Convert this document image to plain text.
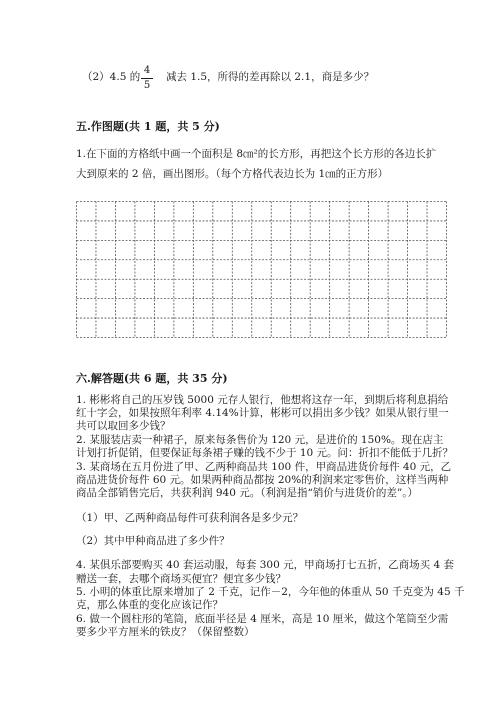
（2）4.5 的
4
5
减去 1.5，所得的差再除以 2.1，商是多少？
五.作图题(共 1 题，共 5 分)
1.在下面的方格纸中画一个面积是 8㎝²的长方形，再把这个长方形的各边长扩
大到原来的 2 倍，画出图形。（每个方格代表边长为 1㎝的正方形）
六.解答题(共 6 题，共 35 分)
1. 彬彬将自己的压岁钱 5000 元存人银行，他想将这存一年，到期后将利息捐给
红十字会，如果按照年利率 4.14%计算，彬彬可以捐出多少钱？如果从银行里一
共可以取回多少钱？
2. 某服装店卖一种裙子，原来每条售价为 120 元，是进价的 150%。现在店主
计划打折促销，但要保证每条裙子赚的钱不少于 10 元。问：折扣不能低于几折？
3. 某商场在五月份进了甲、乙两种商品共 100 件，甲商品进货价每件 40 元，乙
商品进货价每件 60 元。如果两种商品都按 20%的利润来定零售价，这样当两种
商品全部销售完后，共获利润 940 元。（利润是指“销价与进货价的差”。）
（1）甲、乙两种商品每件可获利润各是多少元？
（2）其中甲种商品进了多少件？
4. 某俱乐部要购买 40 套运动服，每套 300 元，甲商场打七五折，乙商场买 4 套
赠送一套，去哪个商场买便宜？便宜多少钱？
5. 小明的体重比原来增加了 2 千克，记作－2，今年他的体重从 50 千克变为 45 千
克，那么体重的变化应该记作？
6. 做一个圆柱形的笔筒，底面半径是 4 厘米，高是 10 厘米，做这个笔筒至少需
要多少平方厘米的铁皮？（保留整数）
